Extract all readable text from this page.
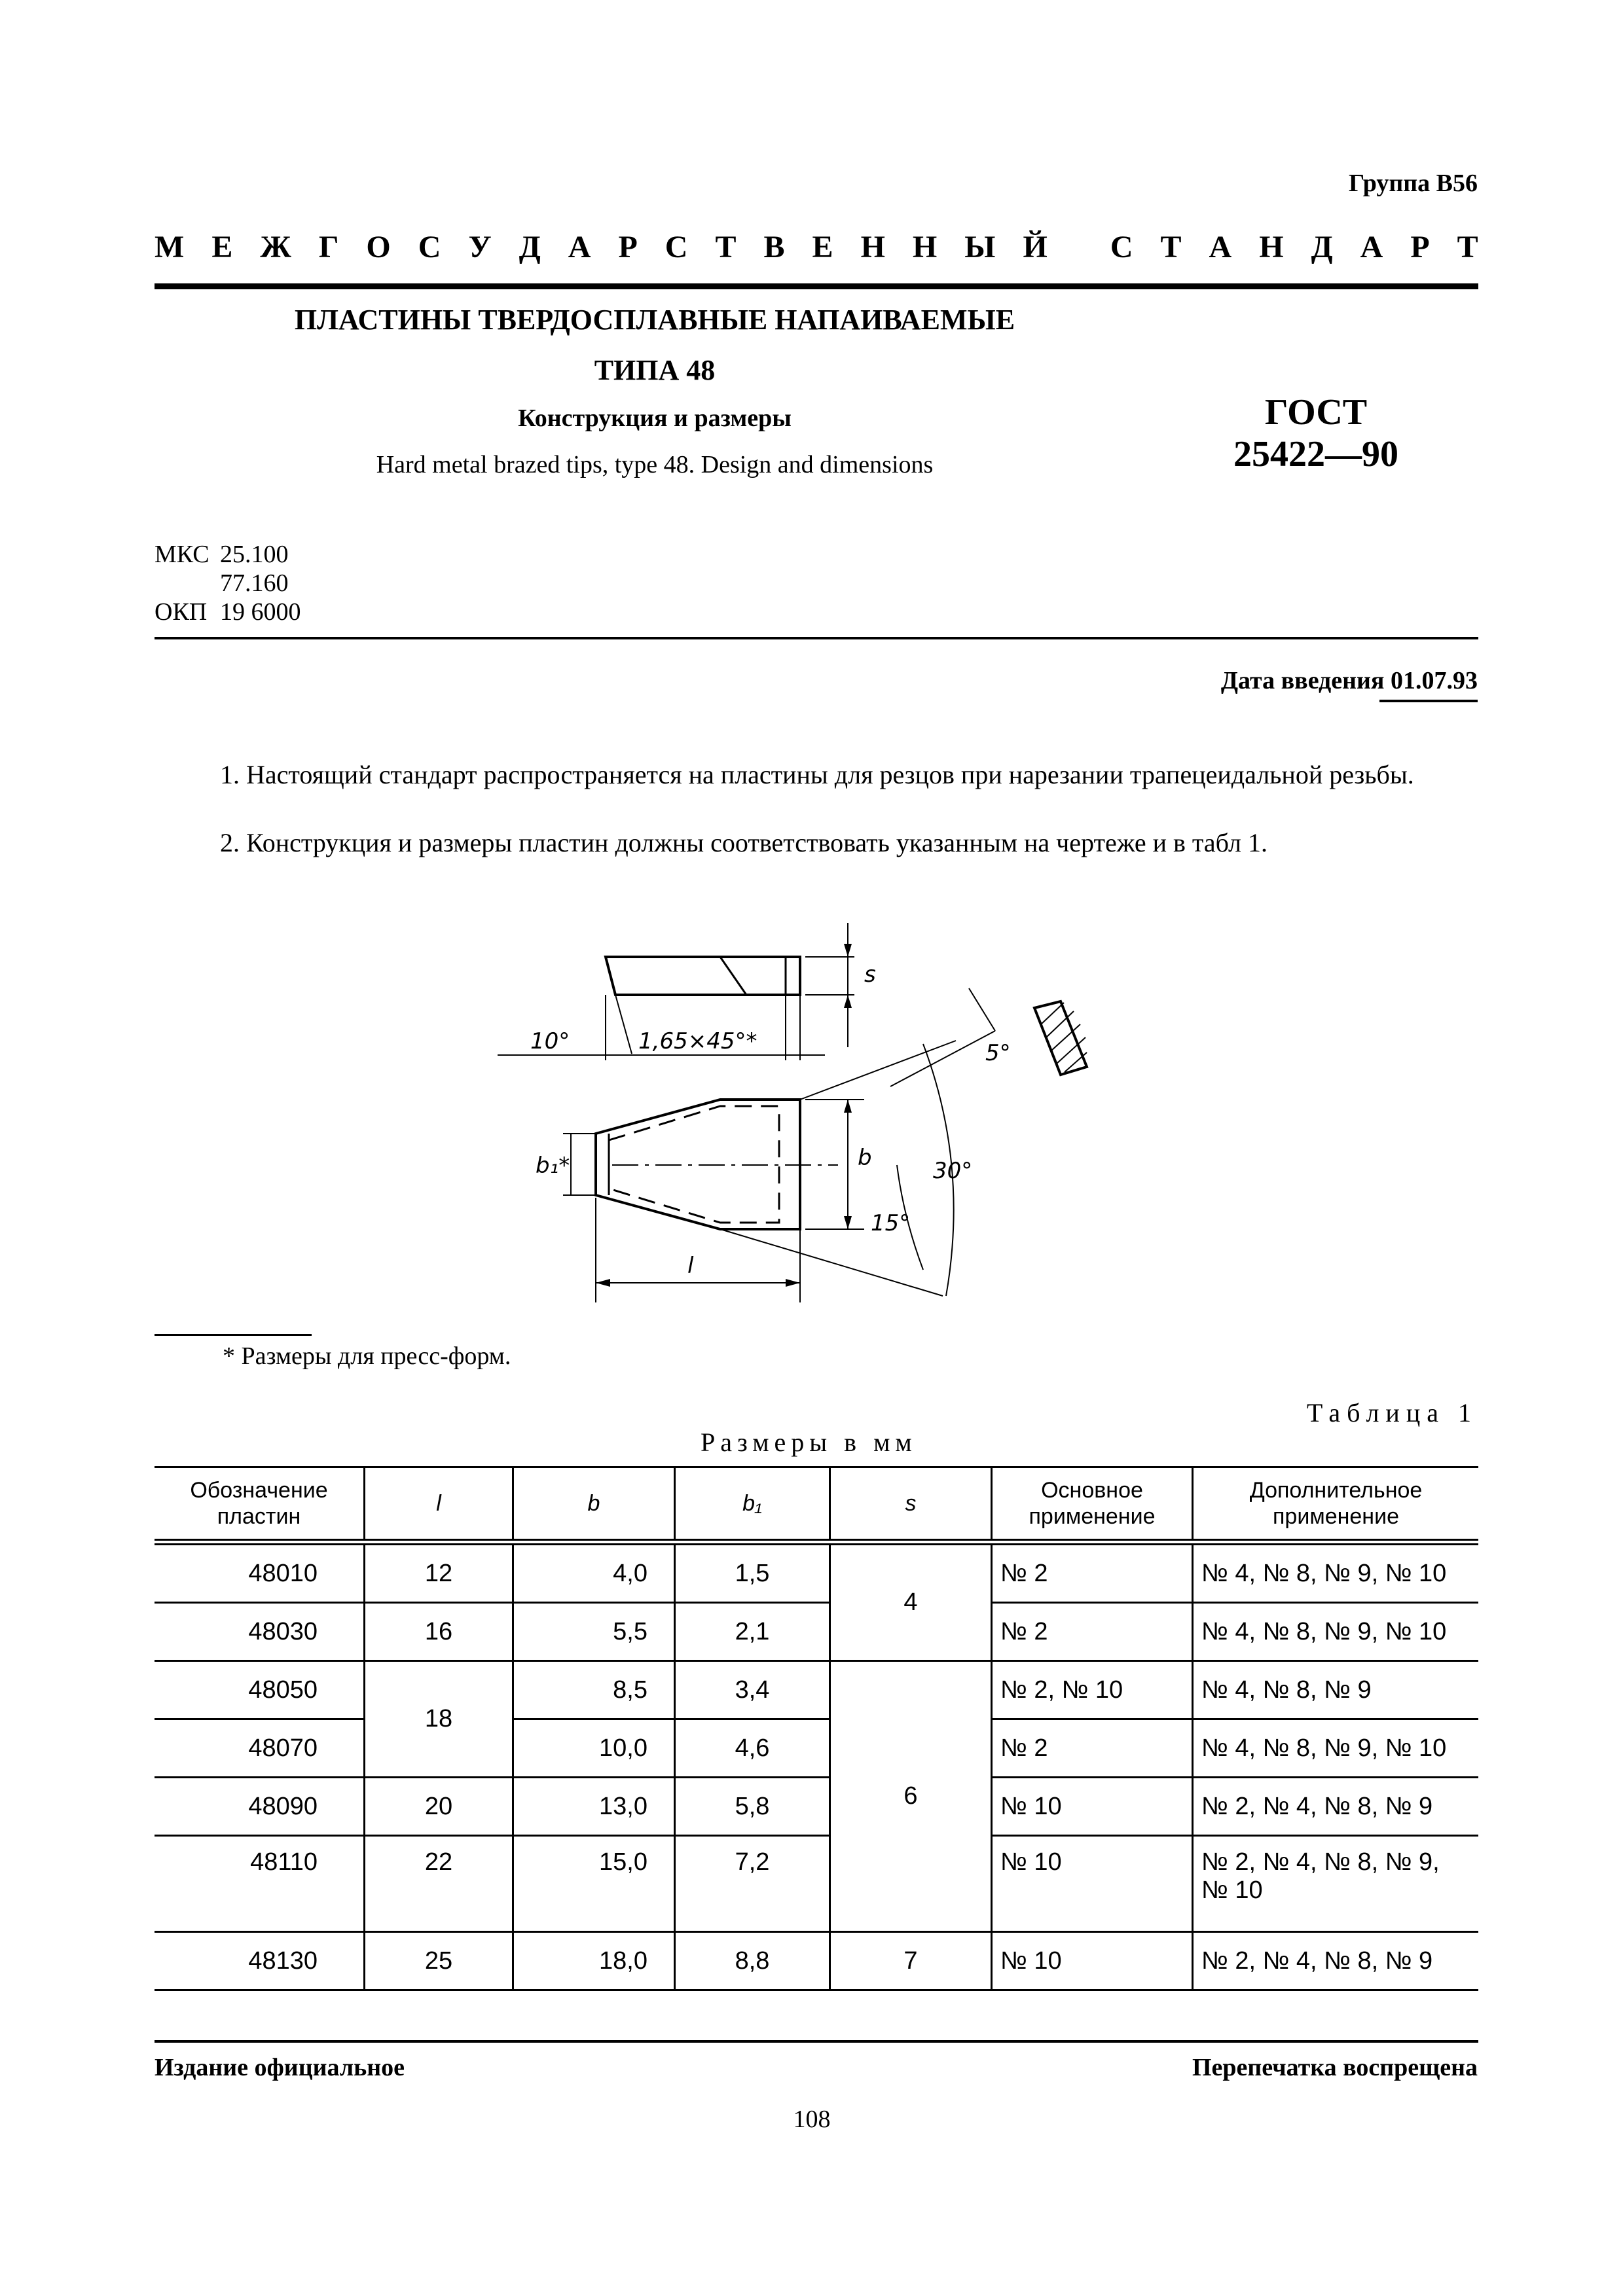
Группа В56
М Е Ж Г О С У Д А Р С Т В Е Н Н Ы Й
С Т А Н Д А Р Т
ПЛАСТИНЫ ТВЕРДОСПЛАВНЫЕ НАПАИВАЕМЫЕ
ТИПА 48
Конструкция и размеры
Hard metal brazed tips, type 48. Design and dimensions
ГОСТ
25422—90
МКС 25.100
77.160
ОКП 19 6000
Дата введения 01.07.93
1. Настоящий стандарт распространяется на пластины для резцов при нарезании трапецеидальной резьбы.
2. Конструкция и размеры пластин должны соответствовать указанным на чертеже и в табл 1.
10°	1,65×45°*
s
b
b₁*
l
5°
15°
30°
* Размеры для пресс-форм.
Таблица 1
Размеры в мм
Обозначение пластин	l	b	b₁	s	Основное применение	Дополнительное применение
48010	12	4,0	1,5	4	№ 2	№ 4, № 8, № 9, № 10
48030	16	5,5	2,1		№ 2	№ 4, № 8, № 9, № 10
48050	18	8,5	3,4	6	№ 2, № 10	№ 4, № 8, № 9
48070		10,0	4,6		№ 2	№ 4, № 8, № 9, № 10
48090	20	13,0	5,8		№ 10	№ 2, № 4, № 8, № 9
48110	22	15,0	7,2		№ 10	№ 2, № 4, № 8, № 9, № 10
48130	25	18,0	8,8	7	№ 10	№ 2, № 4, № 8, № 9
Издание официальное	Перепечатка воспрещена
108
